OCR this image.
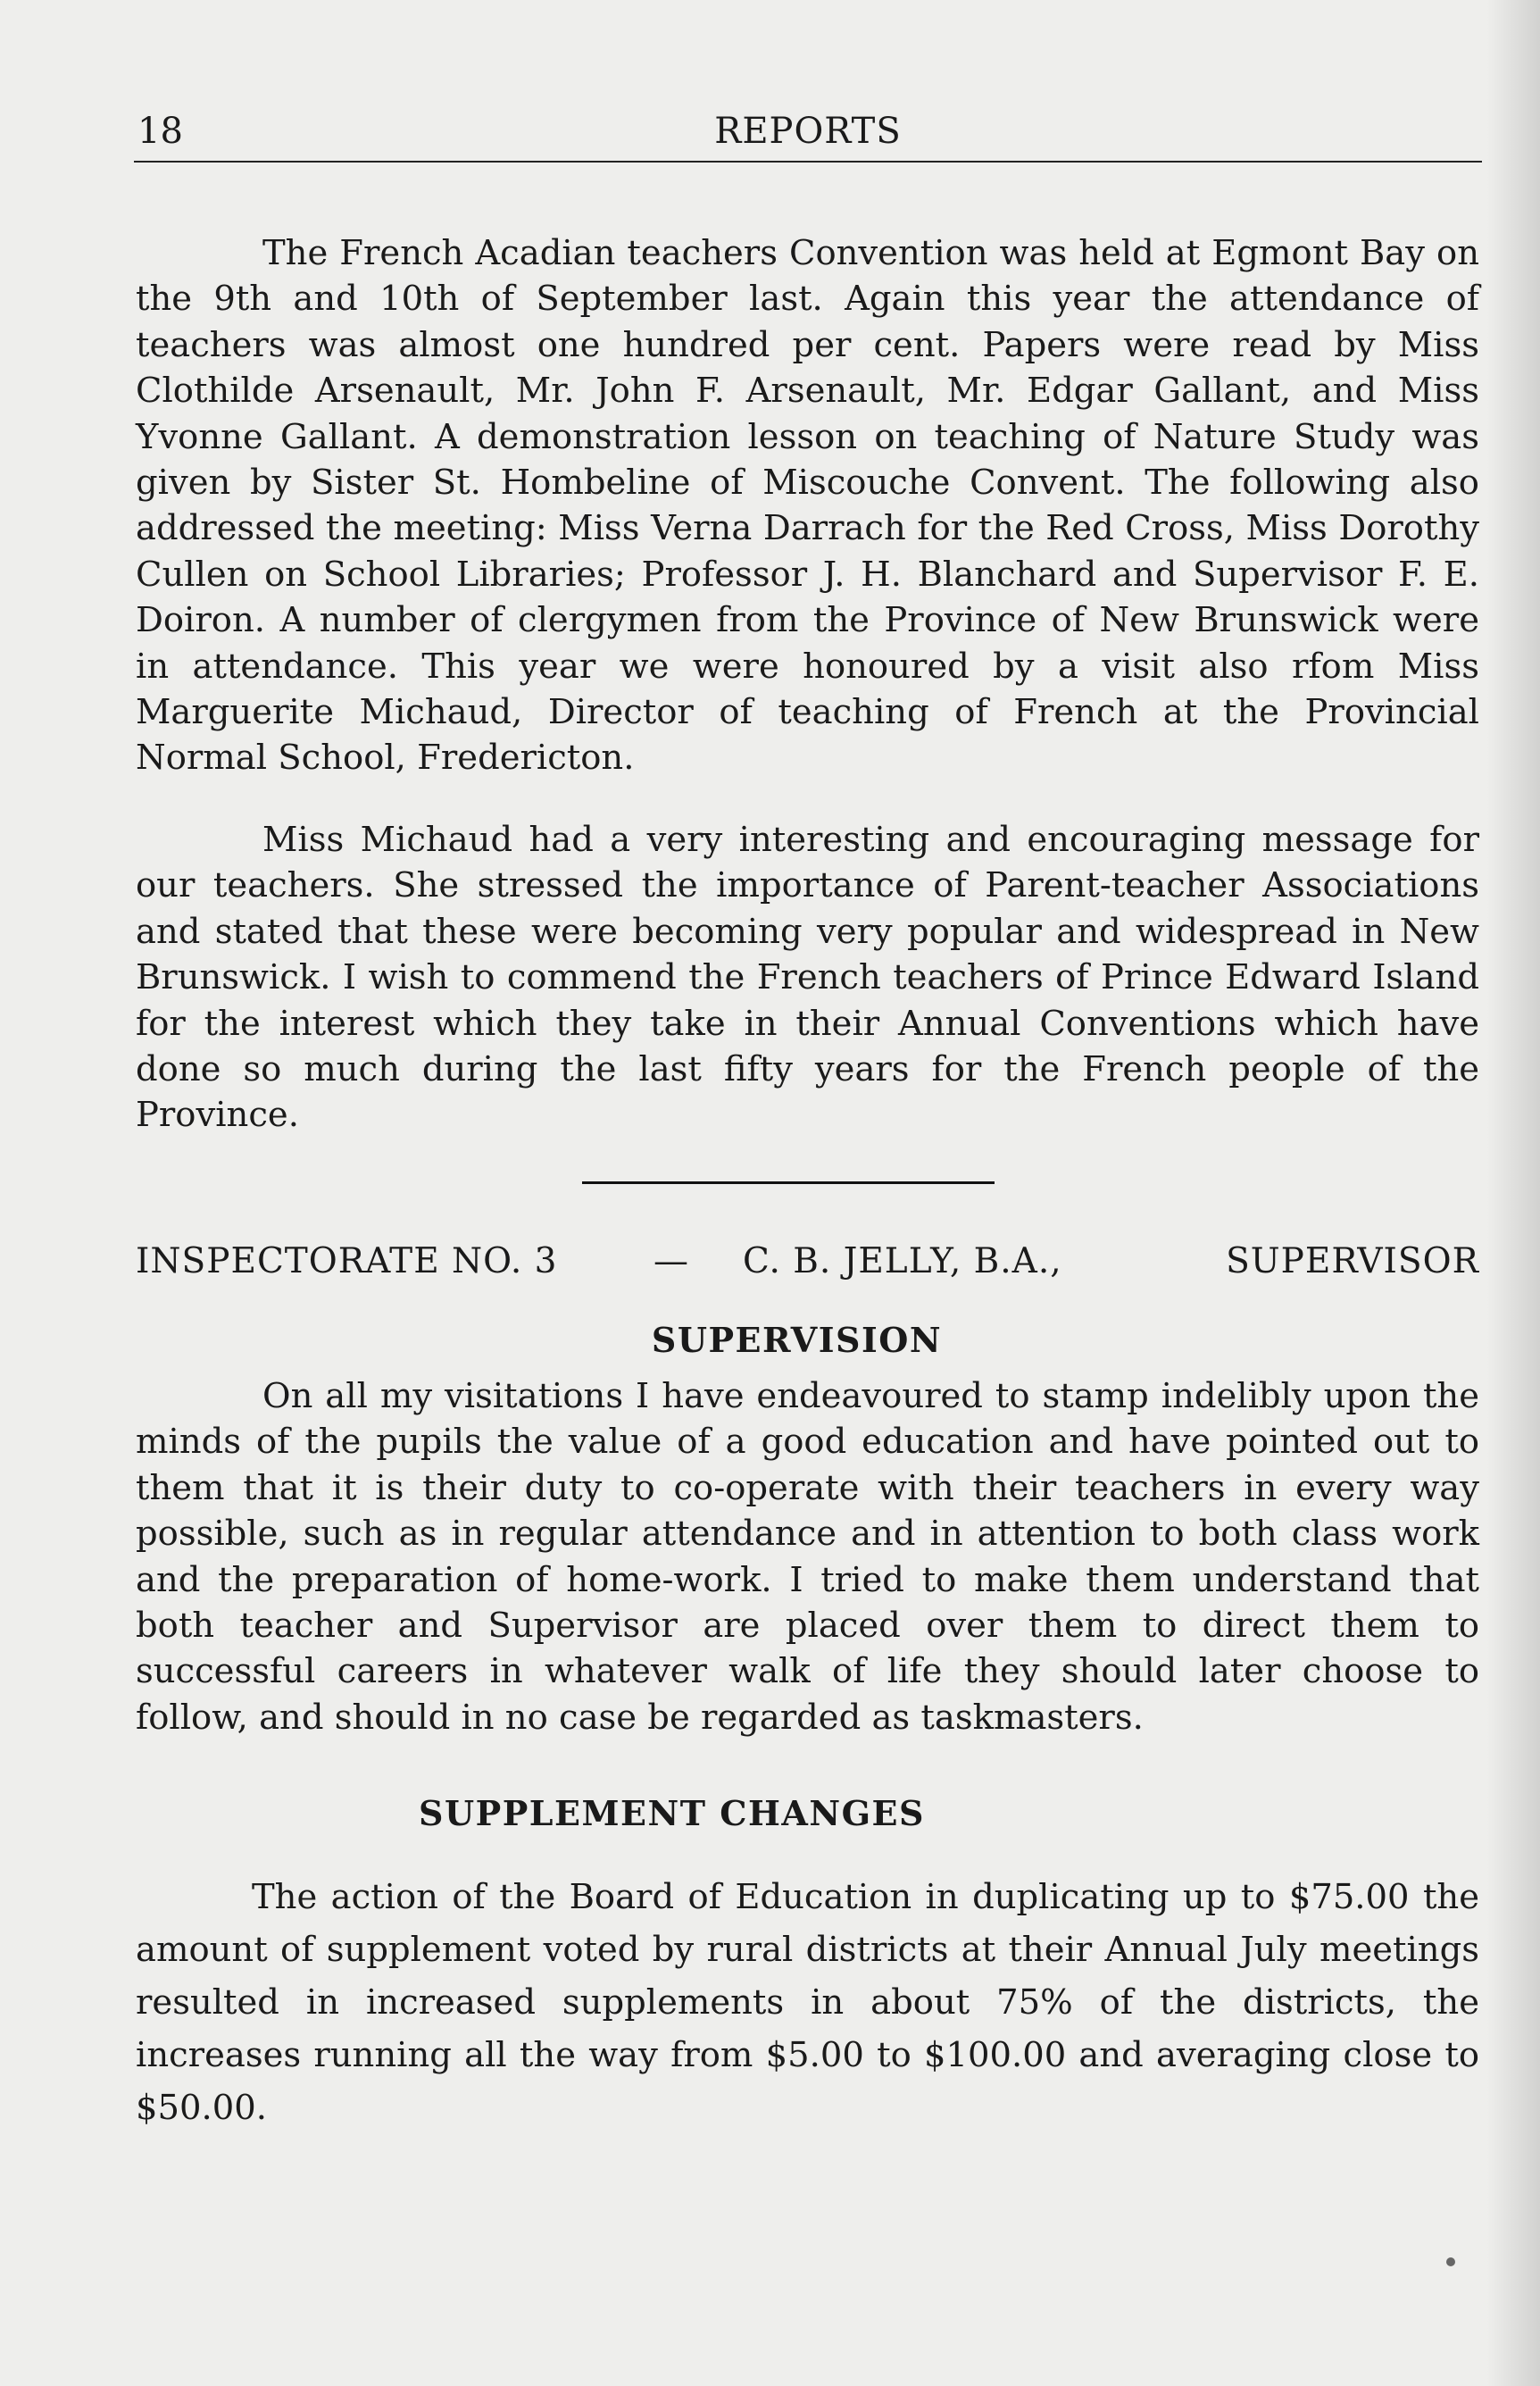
18	REPORTS

The French Acadian teachers Convention was held at Egmont Bay on the 9th and 10th of September last. Again this year the attendance of teachers was almost one hundred per cent. Papers were read by Miss Clothilde Arsenault, Mr. John F. Arsenault, Mr. Edgar Gallant, and Miss Yvonne Gallant. A demonstration lesson on teaching of Nature Study was given by Sister St. Hombeline of Miscouche Convent. The following also addressed the meeting: Miss Verna Darrach for the Red Cross, Miss Dorothy Cullen on School Libraries; Professor J. H. Blanchard and Supervisor F. E. Doiron. A number of clergymen from the Province of New Brunswick were in attendance. This year we were honoured by a visit also rfom Miss Marguerite Michaud, Director of teaching of French at the Provincial Normal School, Fredericton.

Miss Michaud had a very interesting and encouraging message for our teachers. She stressed the importance of Parent-teacher Associations and stated that these were becoming very popular and widespread in New Brunswick. I wish to commend the French teachers of Prince Edward Island for the interest which they take in their Annual Conventions which have done so much during the last fifty years for the French people of the Province.

INSPECTORATE NO. 3	— C. B. JELLY, B.A.,	SUPERVISOR
SUPERVISION

On all my visitations I have endeavoured to stamp indelibly upon the minds of the pupils the value of a good education and have pointed out to them that it is their duty to co-operate with their teachers in every way possible, such as in regular attendance and in attention to both class work and the preparation of home-work. I tried to make them understand that both teacher and Supervisor are placed over them to direct them to successful careers in whatever walk of life they should later choose to follow, and should in no case be regarded as taskmasters.

SUPPLEMENT CHANGES

The action of the Board of Education in duplicating up to $75.00 the amount of supplement voted by rural districts at their Annual July meetings resulted in increased supplements in about 75% of the districts, the increases running all the way from $5.00 to $100.00 and averaging close to $50.00.
